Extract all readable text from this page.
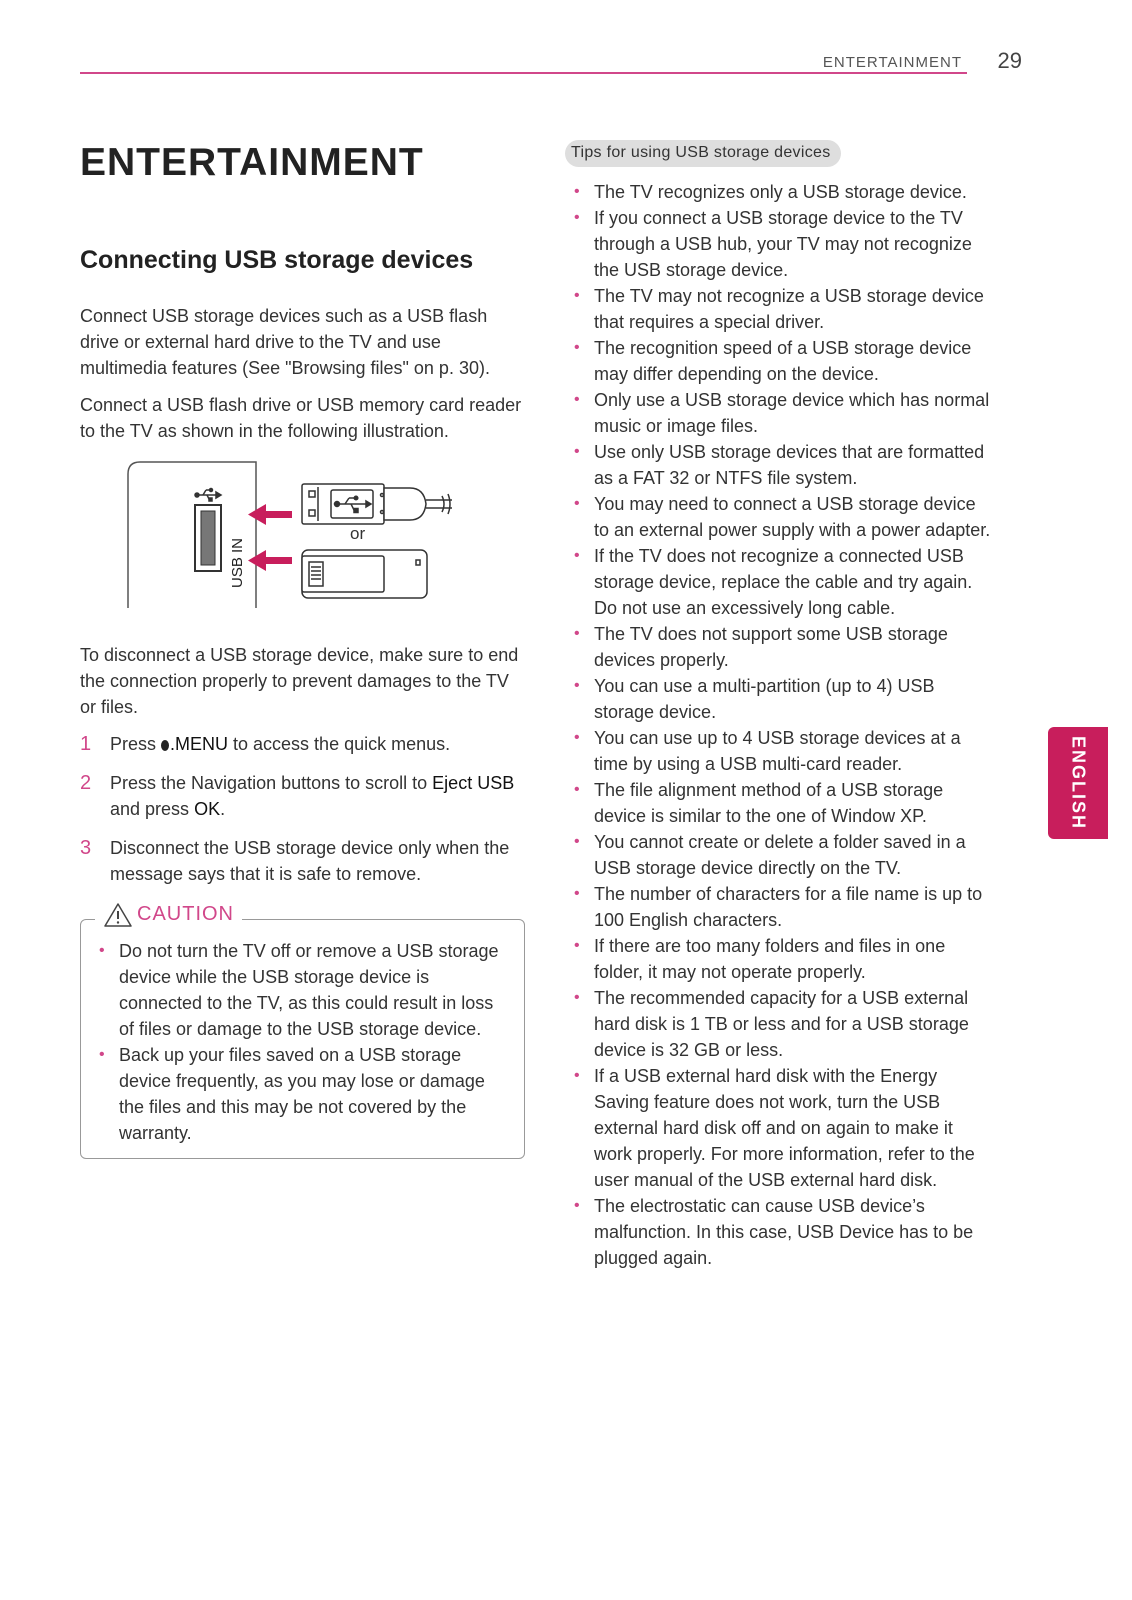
ENTERTAINMENT 29
ENTERTAINMENT
Connecting USB storage devices

Connect USB storage devices such as a USB flash drive or external hard drive to the TV and use multimedia features (See "Browsing files" on p. 30).

Connect a USB flash drive or USB memory card reader to the TV as shown in the following illustration.

USB IN
or

To disconnect a USB storage device, make sure to end the connection properly to prevent damages to the TV or files.

1 Press .MENU to access the quick menus.
2 Press the Navigation buttons to scroll to Eject USB and press OK.
3 Disconnect the USB storage device only when the message says that it is safe to remove.
CAUTION
• Do not turn the TV off or remove a USB storage device while the USB storage device is connected to the TV, as this could result in loss of files or damage to the USB storage device.
• Back up your files saved on a USB storage device frequently, as you may lose or damage the files and this may be not covered by the warranty.
Tips for using USB storage devices
• The TV recognizes only a USB storage device.
• If you connect a USB storage device to the TV through a USB hub, your TV may not recognize the USB storage device.
• The TV may not recognize a USB storage device that requires a special driver.
• The recognition speed of a USB storage device may differ depending on the device.
• Only use a USB storage device which has normal music or image files.
• Use only USB storage devices that are formatted as a FAT 32 or NTFS file system.
• You may need to connect a USB storage device to an external power supply with a power adapter.
• If the TV does not recognize a connected USB storage device, replace the cable and try again. Do not use an excessively long cable.
• The TV does not support some USB storage devices properly.
• You can use a multi-partition (up to 4) USB storage device.
• You can use up to 4 USB storage devices at a time by using a USB multi-card reader.
• The file alignment method of a USB storage device is similar to the one of Window XP.
• You cannot create or delete a folder saved in a USB storage device directly on the TV.
• The number of characters for a file name is up to 100 English characters.
• If there are too many folders and files in one folder, it may not operate properly.
• The recommended capacity for a USB external hard disk is 1 TB or less and for a USB storage device is 32 GB or less.
• If a USB external hard disk with the Energy Saving feature does not work, turn the USB external hard disk off and on again to make it work properly. For more information, refer to the user manual of the USB external hard disk.
• The electrostatic can cause USB device’s malfunction. In this case, USB Device has to be plugged again.
ENGLISH
